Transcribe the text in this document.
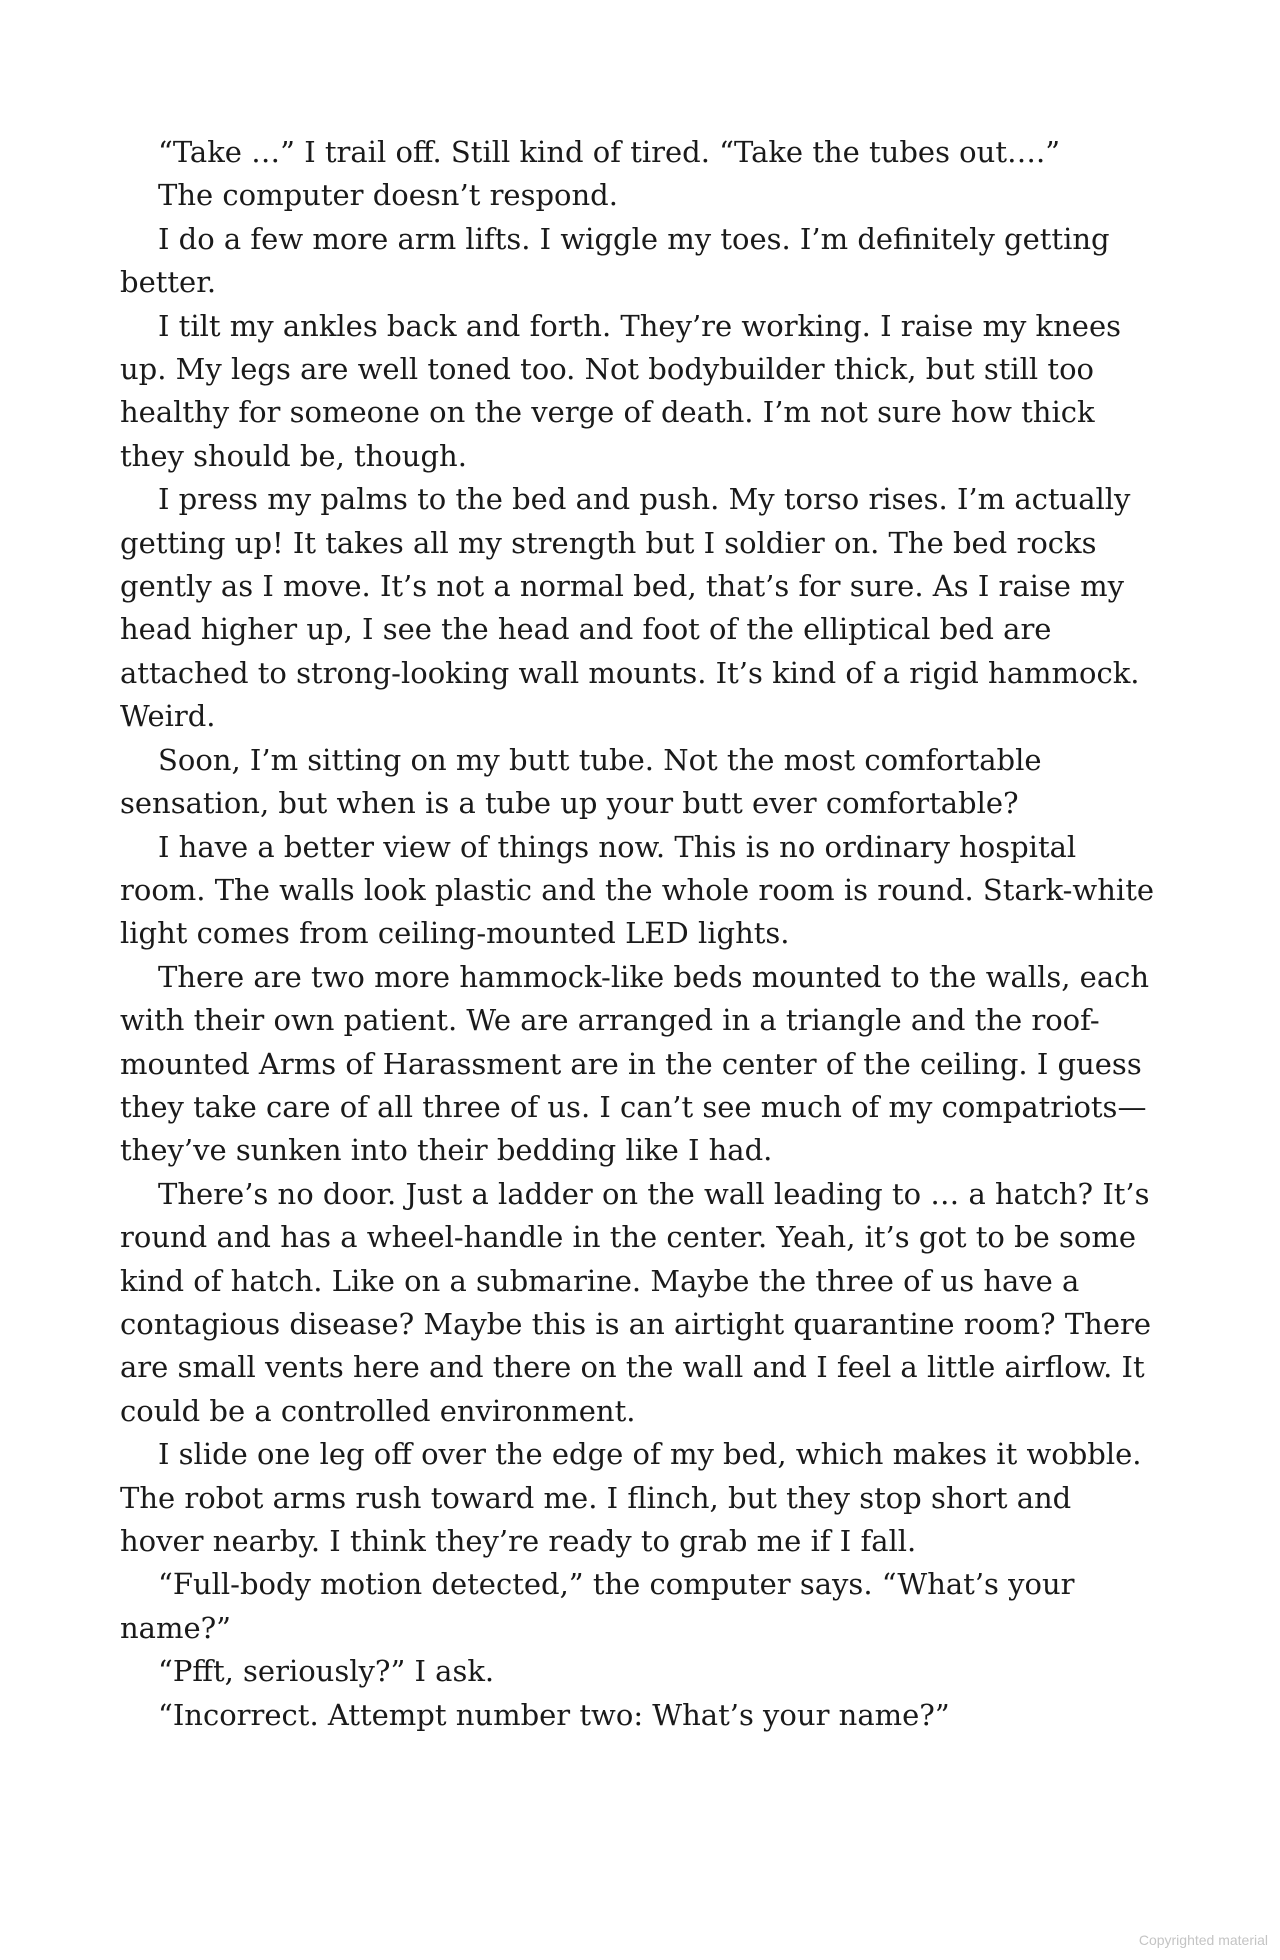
“Take …” I trail off. Still kind of tired. “Take the tubes out….”

The computer doesn’t respond.

I do a few more arm lifts. I wiggle my toes. I’m definitely getting better.

I tilt my ankles back and forth. They’re working. I raise my knees up. My legs are well toned too. Not bodybuilder thick, but still too healthy for someone on the verge of death. I’m not sure how thick they should be, though.

I press my palms to the bed and push. My torso rises. I’m actually getting up! It takes all my strength but I soldier on. The bed rocks gently as I move. It’s not a normal bed, that’s for sure. As I raise my head higher up, I see the head and foot of the elliptical bed are attached to strong-looking wall mounts. It’s kind of a rigid hammock. Weird.

Soon, I’m sitting on my butt tube. Not the most comfortable sensation, but when is a tube up your butt ever comfortable?

I have a better view of things now. This is no ordinary hospital room. The walls look plastic and the whole room is round. Stark-white light comes from ceiling-mounted LED lights.

There are two more hammock-like beds mounted to the walls, each with their own patient. We are arranged in a triangle and the roof-mounted Arms of Harassment are in the center of the ceiling. I guess they take care of all three of us. I can’t see much of my compatriots—they’ve sunken into their bedding like I had.

There’s no door. Just a ladder on the wall leading to … a hatch? It’s round and has a wheel-handle in the center. Yeah, it’s got to be some kind of hatch. Like on a submarine. Maybe the three of us have a contagious disease? Maybe this is an airtight quarantine room? There are small vents here and there on the wall and I feel a little airflow. It could be a controlled environment.

I slide one leg off over the edge of my bed, which makes it wobble. The robot arms rush toward me. I flinch, but they stop short and hover nearby. I think they’re ready to grab me if I fall.

“Full-body motion detected,” the computer says. “What’s your name?”

“Pfft, seriously?” I ask.

“Incorrect. Attempt number two: What’s your name?”

Copyrighted material
